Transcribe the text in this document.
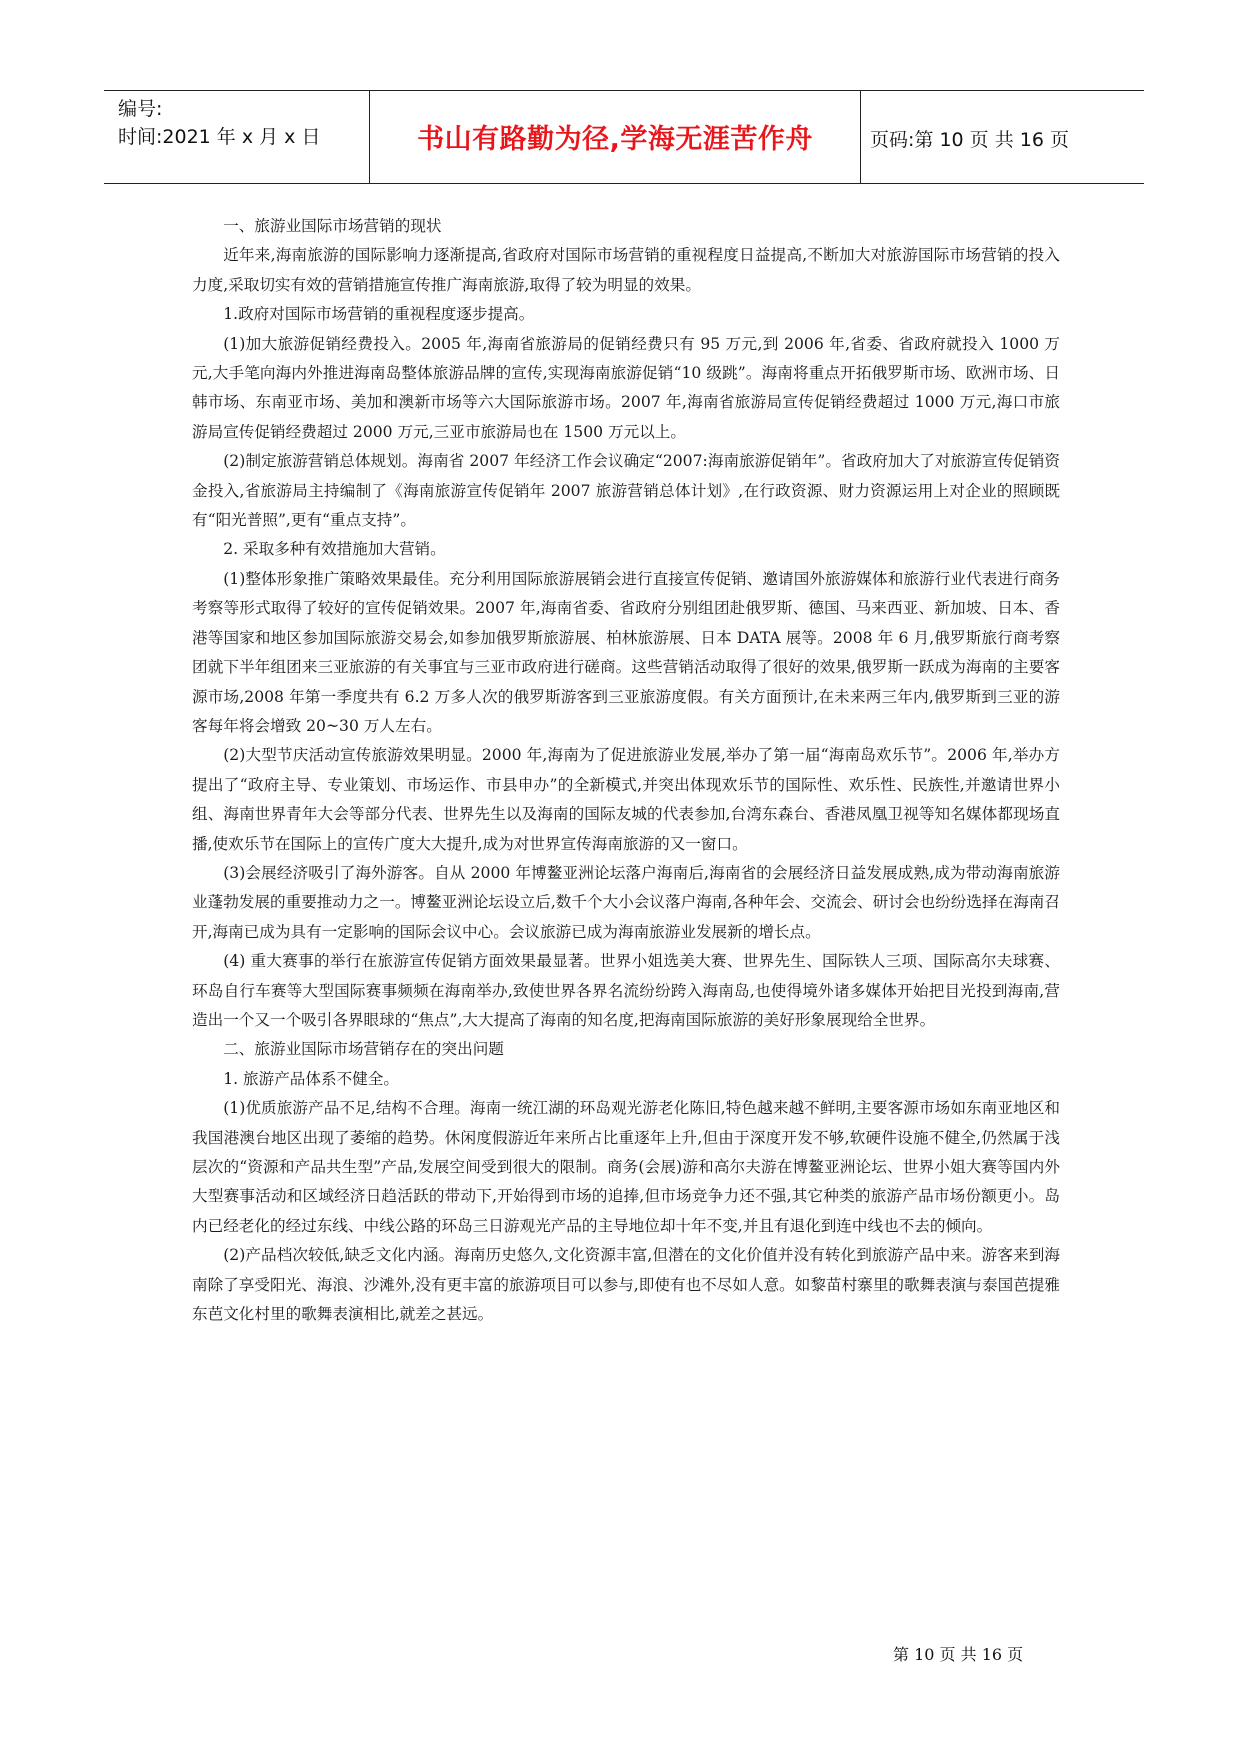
编号:
时间:2021 年 x 月 x 日	书山有路勤为径,学海无涯苦作舟	页码:第 10 页 共 16 页

一、旅游业国际市场营销的现状

近年来,海南旅游的国际影响力逐渐提高,省政府对国际市场营销的重视程度日益提高,不断加大对旅游国际市场营销的投入力度,采取切实有效的营销措施宣传推广海南旅游,取得了较为明显的效果。

1.政府对国际市场营销的重视程度逐步提高。

(1)加大旅游促销经费投入。2005 年,海南省旅游局的促销经费只有 95 万元,到 2006 年,省委、省政府就投入 1000 万元,大手笔向海内外推进海南岛整体旅游品牌的宣传,实现海南旅游促销“10 级跳”。海南将重点开拓俄罗斯市场、欧洲市场、日韩市场、东南亚市场、美加和澳新市场等六大国际旅游市场。2007 年,海南省旅游局宣传促销经费超过 1000 万元,海口市旅游局宣传促销经费超过 2000 万元,三亚市旅游局也在 1500 万元以上。

(2)制定旅游营销总体规划。海南省 2007 年经济工作会议确定“2007:海南旅游促销年”。省政府加大了对旅游宣传促销资金投入,省旅游局主持编制了《海南旅游宣传促销年 2007 旅游营销总体计划》,在行政资源、财力资源运用上对企业的照顾既有“阳光普照”,更有“重点支持”。

2. 采取多种有效措施加大营销。

(1)整体形象推广策略效果最佳。充分利用国际旅游展销会进行直接宣传促销、邀请国外旅游媒体和旅游行业代表进行商务考察等形式取得了较好的宣传促销效果。2007 年,海南省委、省政府分别组团赴俄罗斯、德国、马来西亚、新加坡、日本、香港等国家和地区参加国际旅游交易会,如参加俄罗斯旅游展、柏林旅游展、日本 DATA 展等。2008 年 6 月,俄罗斯旅行商考察团就下半年组团来三亚旅游的有关事宜与三亚市政府进行磋商。这些营销活动取得了很好的效果,俄罗斯一跃成为海南的主要客源市场,2008 年第一季度共有 6.2 万多人次的俄罗斯游客到三亚旅游度假。有关方面预计,在未来两三年内,俄罗斯到三亚的游客每年将会增致 20~30 万人左右。

(2)大型节庆活动宣传旅游效果明显。2000 年,海南为了促进旅游业发展,举办了第一届“海南岛欢乐节”。2006 年,举办方提出了“政府主导、专业策划、市场运作、市县申办”的全新模式,并突出体现欢乐节的国际性、欢乐性、民族性,并邀请世界小组、海南世界青年大会等部分代表、世界先生以及海南的国际友城的代表参加,台湾东森台、香港凤凰卫视等知名媒体都现场直播,使欢乐节在国际上的宣传广度大大提升,成为对世界宣传海南旅游的又一窗口。

(3)会展经济吸引了海外游客。自从 2000 年博鳌亚洲论坛落户海南后,海南省的会展经济日益发展成熟,成为带动海南旅游业蓬勃发展的重要推动力之一。博鳌亚洲论坛设立后,数千个大小会议落户海南,各种年会、交流会、研讨会也纷纷选择在海南召开,海南已成为具有一定影响的国际会议中心。会议旅游已成为海南旅游业发展新的增长点。

(4) 重大赛事的举行在旅游宣传促销方面效果最显著。世界小姐选美大赛、世界先生、国际铁人三项、国际高尔夫球赛、环岛自行车赛等大型国际赛事频频在海南举办,致使世界各界名流纷纷跨入海南岛,也使得境外诸多媒体开始把目光投到海南,营造出一个又一个吸引各界眼球的“焦点”,大大提高了海南的知名度,把海南国际旅游的美好形象展现给全世界。

二、旅游业国际市场营销存在的突出问题

1. 旅游产品体系不健全。

(1)优质旅游产品不足,结构不合理。海南一统江湖的环岛观光游老化陈旧,特色越来越不鲜明,主要客源市场如东南亚地区和我国港澳台地区出现了萎缩的趋势。休闲度假游近年来所占比重逐年上升,但由于深度开发不够,软硬件设施不健全,仍然属于浅层次的“资源和产品共生型”产品,发展空间受到很大的限制。商务(会展)游和高尔夫游在博鳌亚洲论坛、世界小姐大赛等国内外大型赛事活动和区域经济日趋活跃的带动下,开始得到市场的追捧,但市场竞争力还不强,其它种类的旅游产品市场份额更小。岛内已经老化的经过东线、中线公路的环岛三日游观光产品的主导地位却十年不变,并且有退化到连中线也不去的倾向。

(2)产品档次较低,缺乏文化内涵。海南历史悠久,文化资源丰富,但潜在的文化价值并没有转化到旅游产品中来。游客来到海南除了享受阳光、海浪、沙滩外,没有更丰富的旅游项目可以参与,即使有也不尽如人意。如黎苗村寨里的歌舞表演与泰国芭提雅东芭文化村里的歌舞表演相比,就差之甚远。

第 10 页 共 16 页
